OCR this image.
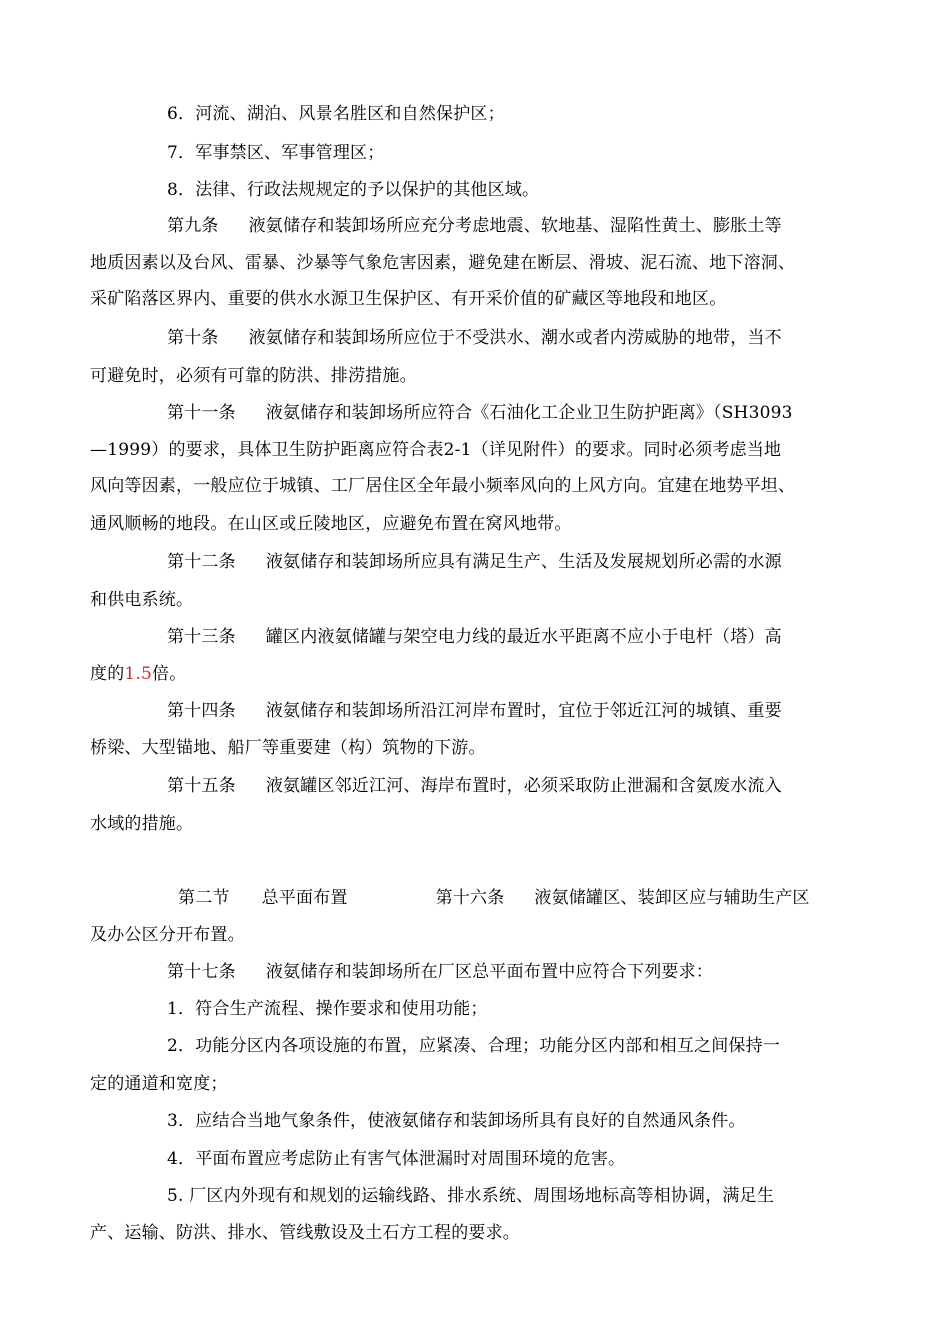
6．河流、湖泊、风景名胜区和自然保护区；
7．军事禁区、军事管理区；
8．法律、行政法规规定的予以保护的其他区域。
第九条 液氨储存和装卸场所应充分考虑地震、软地基、湿陷性黄土、膨胀土等
地质因素以及台风、雷暴、沙暴等气象危害因素，避免建在断层、滑坡、泥石流、地下溶洞、
采矿陷落区界内、重要的供水水源卫生保护区、有开采价值的矿藏区等地段和地区。
第十条 液氨储存和装卸场所应位于不受洪水、潮水或者内涝威胁的地带，当不
可避免时，必须有可靠的防洪、排涝措施。
第十一条 液氨储存和装卸场所应符合《石油化工企业卫生防护距离》（SH3093
—1999）的要求，具体卫生防护距离应符合表2-1（详见附件）的要求。同时必须考虑当地
风向等因素，一般应位于城镇、工厂居住区全年最小频率风向的上风方向。宜建在地势平坦、
通风顺畅的地段。在山区或丘陵地区，应避免布置在窝风地带。
第十二条 液氨储存和装卸场所应具有满足生产、生活及发展规划所必需的水源
和供电系统。
第十三条 罐区内液氨储罐与架空电力线的最近水平距离不应小于电杆（塔）高
度的1.5倍。
第十四条 液氨储存和装卸场所沿江河岸布置时，宜位于邻近江河的城镇、重要
桥梁、大型锚地、船厂等重要建（构）筑物的下游。
第十五条 液氨罐区邻近江河、海岸布置时，必须采取防止泄漏和含氨废水流入
水域的措施。
第二节 总平面布置	第十六条 液氨储罐区、装卸区应与辅助生产区
及办公区分开布置。
第十七条 液氨储存和装卸场所在厂区总平面布置中应符合下列要求：
1．符合生产流程、操作要求和使用功能；
2．功能分区内各项设施的布置，应紧凑、合理；功能分区内部和相互之间保持一
定的通道和宽度；
3．应结合当地气象条件，使液氨储存和装卸场所具有良好的自然通风条件。
4．平面布置应考虑防止有害气体泄漏时对周围环境的危害。
5. 厂区内外现有和规划的运输线路、排水系统、周围场地标高等相协调，满足生
产、运输、防洪、排水、管线敷设及土石方工程的要求。
